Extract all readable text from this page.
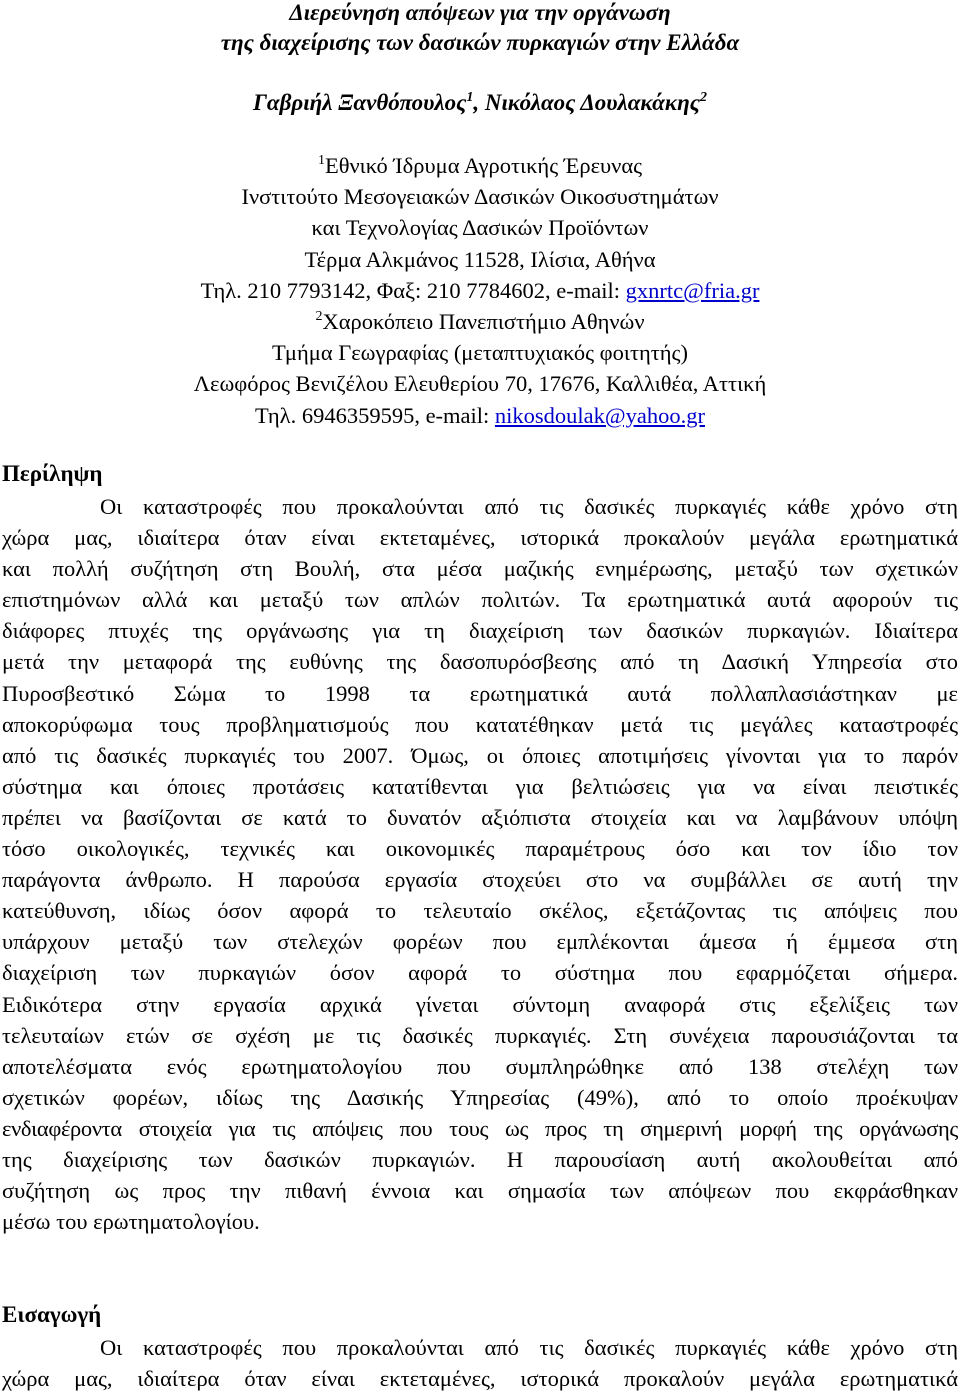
Διερεύνηση απόψεων για την οργάνωση
της διαχείρισης των δασικών πυρκαγιών στην Ελλάδα
Γαβριήλ Ξανθόπουλος$^1$, Νικόλαος Δουλακάκης$^2$
$^1$Εθνικό Ίδρυμα Αγροτικής Έρευνας
Ινστιτούτο Μεσογειακών Δασικών Οικοσυστημάτων
και Τεχνολογίας Δασικών Προϊόντων
Τέρμα Αλκμάνος 11528, Ιλίσια, Αθήνα
Τηλ. 210 7793142, Φαξ: 210 7784602, e-mail: gxnrtc@fria.gr
$^2$Χαροκόπειο Πανεπιστήμιο Αθηνών
Τμήμα Γεωγραφίας (μεταπτυχιακός φοιτητής)
Λεωφόρος Βενιζέλου Ελευθερίου 70, 17676, Καλλιθέα, Αττική
Τηλ. 6946359595, e-mail: nikosdoulak@yahoo.gr
Περίληψη
Οι καταστροφές που προκαλούνται από τις δασικές πυρκαγιές κάθε χρόνο στη
χώρα μας, ιδιαίτερα όταν είναι εκτεταμένες, ιστορικά προκαλούν μεγάλα ερωτηματικά
και πολλή συζήτηση στη Βουλή, στα μέσα μαζικής ενημέρωσης, μεταξύ των σχετικών
επιστημόνων αλλά και μεταξύ των απλών πολιτών. Τα ερωτηματικά αυτά αφορούν τις
διάφορες πτυχές της οργάνωσης για τη διαχείριση των δασικών πυρκαγιών. Ιδιαίτερα
μετά την μεταφορά της ευθύνης της δασοπυρόσβεσης από τη Δασική Υπηρεσία στο
Πυροσβεστικό Σώμα το 1998 τα ερωτηματικά αυτά πολλαπλασιάστηκαν με
αποκορύφωμα τους προβληματισμούς που κατατέθηκαν μετά τις μεγάλες καταστροφές
από τις δασικές πυρκαγιές του 2007. Όμως, οι όποιες αποτιμήσεις γίνονται για το παρόν
σύστημα και όποιες προτάσεις κατατίθενται για βελτιώσεις για να είναι πειστικές
πρέπει να βασίζονται σε κατά το δυνατόν αξιόπιστα στοιχεία και να λαμβάνουν υπόψη
τόσο οικολογικές, τεχνικές και οικονομικές παραμέτρους όσο και τον ίδιο τον
παράγοντα άνθρωπο. Η παρούσα εργασία στοχεύει στο να συμβάλλει σε αυτή την
κατεύθυνση, ιδίως όσον αφορά το τελευταίο σκέλος, εξετάζοντας τις απόψεις που
υπάρχουν μεταξύ των στελεχών φορέων που εμπλέκονται άμεσα ή έμμεσα στη
διαχείριση των πυρκαγιών όσον αφορά το σύστημα που εφαρμόζεται σήμερα.
Ειδικότερα στην εργασία αρχικά γίνεται σύντομη αναφορά στις εξελίξεις των
τελευταίων ετών σε σχέση με τις δασικές πυρκαγιές. Στη συνέχεια παρουσιάζονται τα
αποτελέσματα ενός ερωτηματολογίου που συμπληρώθηκε από 138 στελέχη των
σχετικών φορέων, ιδίως της Δασικής Υπηρεσίας (49%), από το οποίο προέκυψαν
ενδιαφέροντα στοιχεία για τις απόψεις που τους ως προς τη σημερινή μορφή της οργάνωσης
της διαχείρισης των δασικών πυρκαγιών. Η παρουσίαση αυτή ακολουθείται από
συζήτηση ως προς την πιθανή έννοια και σημασία των απόψεων που εκφράσθηκαν
μέσω του ερωτηματολογίου.
Εισαγωγή
Οι καταστροφές που προκαλούνται από τις δασικές πυρκαγιές κάθε χρόνο στη
χώρα μας, ιδιαίτερα όταν είναι εκτεταμένες, ιστορικά προκαλούν μεγάλα ερωτηματικά
